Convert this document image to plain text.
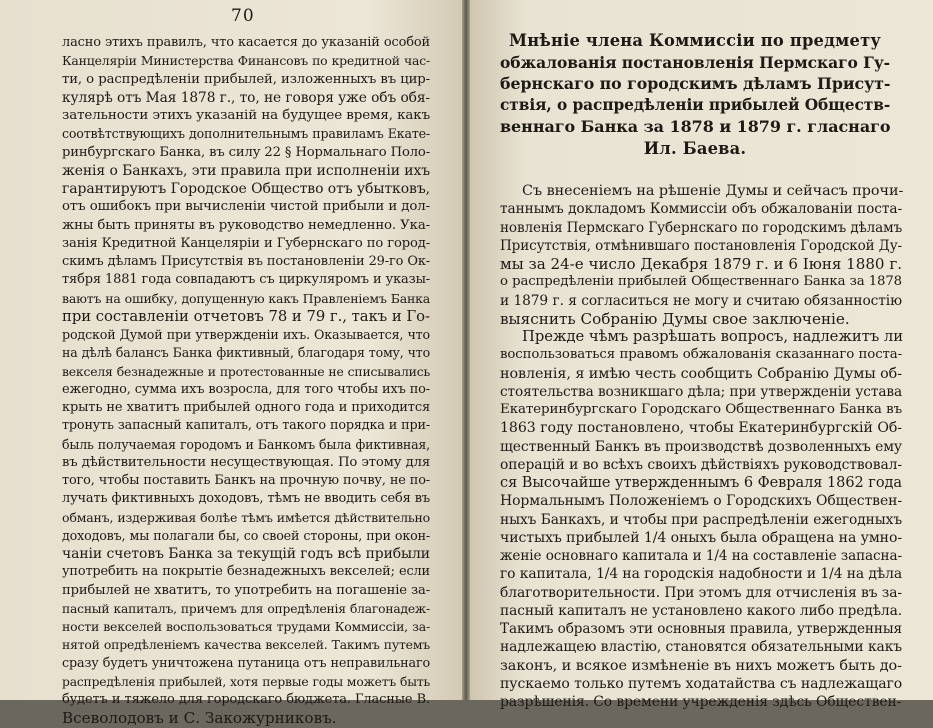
70
ласно этихъ правилъ, что касается до указаній особой
Канцеляріи Министерства Финансовъ по кредитной час-
ти, о распредѣленіи прибылей, изложенныхъ въ цир-
кулярѣ отъ Мая 1878 г., то, не говоря уже объ обя-
зательности этихъ указаній на будущее время, какъ
соотвѣтствующихъ дополнительнымъ правиламъ Екате-
ринбургскаго Банка, въ силу 22 § Нормальнаго Поло-
женія о Банкахъ, эти правила при исполненіи ихъ
гарантируютъ Городское Общество отъ убытковъ,
отъ ошибокъ при вычисленіи чистой прибыли и дол-
жны быть приняты въ руководство немедленно. Ука-
занія Кредитной Канцеляріи и Губернскаго по город-
скимъ дѣламъ Присутствія въ постановленіи 29-го Ок-
тября 1881 года совпадаютъ съ циркуляромъ и указы-
ваютъ на ошибку, допущенную какъ Правленіемъ Банка
при составленіи отчетовъ 78 и 79 г., такъ и Го-
родской Думой при утвержденіи ихъ. Оказывается, что
на дѣлѣ балансъ Банка фиктивный, благодаря тому, что
векселя безнадежные и протестованные не списывались
ежегодно, сумма ихъ возросла, для того чтобы ихъ по-
крыть не хватитъ прибылей одного года и приходится
тронуть запасный капиталъ, отъ такого порядка и при-
быль получаемая городомъ и Банкомъ была фиктивная,
въ дѣйствительности несуществующая. По этому для
того, чтобы поставить Банкъ на прочную почву, не по-
лучать фиктивныхъ доходовъ, тѣмъ не вводить себя въ
обманъ, издерживая болѣе тѣмъ имѣется дѣйствительно
доходовъ, мы полагали бы, со своей стороны, при окон-
чаніи счетовъ Банка за текущій годъ всѣ прибыли
употребить на покрытіе безнадежныхъ векселей; если
прибылей не хватитъ, то употребить на погашеніе за-
пасный капиталъ, причемъ для опредѣленія благонадеж-
ности векселей воспользоваться трудами Коммиссіи, за-
нятой опредѣленіемъ качества векселей. Такимъ путемъ
сразу будетъ уничтожена путаница отъ неправильнаго
распредѣленія прибылей, хотя первые годы можетъ быть
будетъ и тяжело для городскаго бюджета. Гласные В.
Всеволодовъ и С. Закожурниковъ.
Мнѣніе члена Коммиссіи по предмету
обжалованія постановленія Пермскаго Гу-
бернскаго по городскимъ дѣламъ Присут-
ствія, о распредѣленіи прибылей Обществ-
веннаго Банка за 1878 и 1879 г. гласнаго
Ил. Баева.
Съ внесеніемъ на рѣшеніе Думы и сейчасъ прочи-
таннымъ докладомъ Коммиссіи объ обжалованіи поста-
новленія Пермскаго Губернскаго по городскимъ дѣламъ
Присутствія, отмѣнившаго постановленія Городской Ду-
мы за 24-е число Декабря 1879 г. и 6 Іюня 1880 г.
о распредѣленіи прибылей Общественнаго Банка за 1878
и 1879 г. я согласиться не могу и считаю обязанностію
выяснить Собранію Думы свое заключеніе.
Прежде чѣмъ разрѣшать вопросъ, надлежитъ ли
воспользоваться правомъ обжалованія сказаннаго поста-
новленія, я имѣю честь сообщить Собранію Думы об-
стоятельства возникшаго дѣла; при утвержденіи устава
Екатеринбургскаго Городскаго Общественнаго Банка въ
1863 году постановлено, чтобы Екатеринбургскій Об-
щественный Банкъ въ производствѣ дозволенныхъ ему
операцій и во всѣхъ своихъ дѣйствіяхъ руководствовал-
ся Высочайше утвержденнымъ 6 Февраля 1862 года
Нормальнымъ Положеніемъ о Городскихъ Обществен-
ныхъ Банкахъ, и чтобы при распредѣленіи ежегодныхъ
чистыхъ прибылей 1/4 оныхъ была обращена на умно-
женіе основнаго капитала и 1/4 на составленіе запасна-
го капитала, 1/4 на городскія надобности и 1/4 на дѣла
благотворительности. При этомъ для отчисленія въ за-
пасный капиталъ не установлено какого либо предѣла.
Такимъ образомъ эти основныя правила, утвержденныя
надлежащею властію, становятся обязательными какъ
законъ, и всякое измѣненіе въ нихъ можетъ быть до-
пускаемо только путемъ ходатайства съ надлежащаго
разрѣшенія. Со времени учрежденія здѣсь Обществен-
